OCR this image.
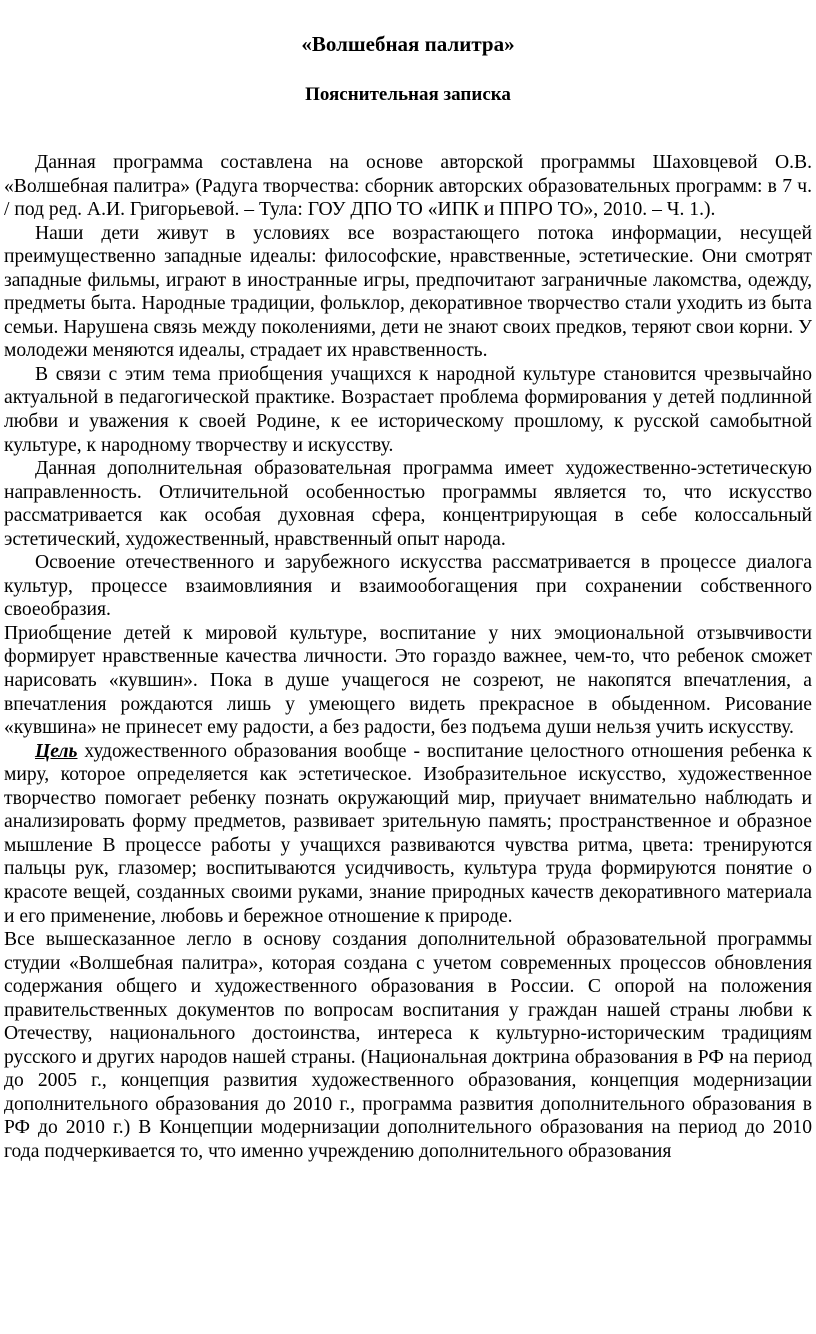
«Волшебная палитра»
Пояснительная записка

Данная программа составлена на основе авторской программы Шаховцевой О.В. «Волшебная палитра» (Радуга творчества: сборник авторских образовательных программ: в 7 ч. / под ред. А.И. Григорьевой. – Тула: ГОУ ДПО ТО «ИПК и ППРО ТО», 2010. – Ч. 1.).

Наши дети живут в условиях все возрастающего потока информации, несущей преимущественно западные идеалы: философские, нравственные, эстетические. Они смотрят западные фильмы, играют в иностранные игры, предпочитают заграничные лакомства, одежду, предметы быта. Народные традиции, фольклор, декоративное творчество стали уходить из быта семьи. Нарушена связь между поколениями, дети не знают своих предков, теряют свои корни. У молодежи меняются идеалы, страдает их нравственность.

В связи с этим тема приобщения учащихся к народной культуре становится чрезвычайно актуальной в педагогической практике. Возрастает проблема формирования у детей подлинной любви и уважения к своей Родине, к ее историческому прошлому, к русской самобытной культуре, к народному творчеству и искусству.

Данная дополнительная образовательная программа имеет художественно-эстетическую направленность. Отличительной особенностью программы является то, что искусство рассматривается как особая духовная сфера, концентрирующая в себе колоссальный эстетический, художественный, нравственный опыт народа.

Освоение отечественного и зарубежного искусства рассматривается в процессе диалога культур, процессе взаимовлияния и взаимообогащения при сохранении собственного своеобразия.

Приобщение детей к мировой культуре, воспитание у них эмоциональной отзывчивости формирует нравственные качества личности. Это гораздо важнее, чем-то, что ребенок сможет нарисовать «кувшин». Пока в душе учащегося не созреют, не накопятся впечатления, а впечатления рождаются лишь у умеющего видеть прекрасное в обыденном. Рисование «кувшина» не принесет ему радости, а без радости, без подъема души нельзя учить искусству.

Цель художественного образования вообще - воспитание целостного отношения ребенка к миру, которое определяется как эстетическое. Изобразительное искусство, художественное творчество помогает ребенку познать окружающий мир, приучает внимательно наблюдать и анализировать форму предметов, развивает зрительную память; пространственное и образное мышление В процессе работы у учащихся развиваются чувства ритма, цвета: тренируются пальцы рук, глазомер; воспитываются усидчивость, культура труда формируются понятие о красоте вещей, созданных своими руками, знание природных качеств декоративного материала и его применение, любовь и бережное отношение к природе.

Все вышесказанное легло в основу создания дополнительной образовательной программы студии «Волшебная палитра», которая создана с учетом современных процессов обновления содержания общего и художественного образования в России. С опорой на положения правительственных документов по вопросам воспитания у граждан нашей страны любви к Отечеству, национального достоинства, интереса к культурно-историческим традициям русского и других народов нашей страны. (Национальная доктрина образования в РФ на период до 2005 г., концепция развития художественного образования, концепция модернизации дополнительного образования до 2010 г., программа развития дополнительного образования в РФ до 2010 г.) В Концепции модернизации дополнительного образования на период до 2010 года подчеркивается то, что именно учреждению дополнительного образования
